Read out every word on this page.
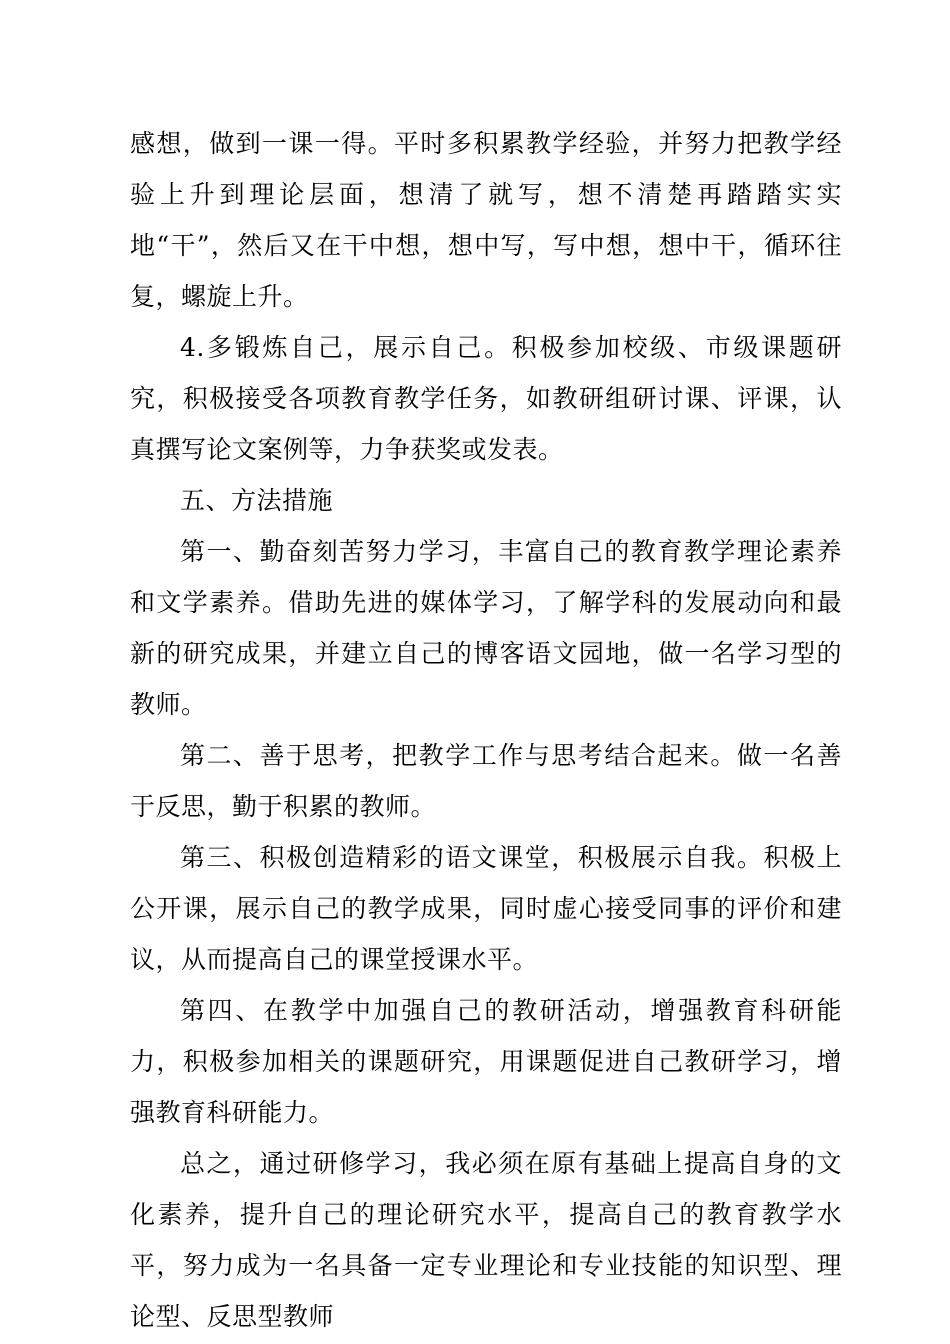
感想，做到一课一得。平时多积累教学经验，并努力把教学经验上升到理论层面，想清了就写，想不清楚再踏踏实实地“干”，然后又在干中想，想中写，写中想，想中干，循环往复，螺旋上升。

4.多锻炼自己，展示自己。积极参加校级、市级课题研究，积极接受各项教育教学任务，如教研组研讨课、评课，认真撰写论文案例等，力争获奖或发表。

五、方法措施

第一、勤奋刻苦努力学习，丰富自己的教育教学理论素养和文学素养。借助先进的媒体学习，了解学科的发展动向和最新的研究成果，并建立自己的博客语文园地，做一名学习型的教师。

第二、善于思考，把教学工作与思考结合起来。做一名善于反思，勤于积累的教师。

第三、积极创造精彩的语文课堂，积极展示自我。积极上公开课，展示自己的教学成果，同时虚心接受同事的评价和建议，从而提高自己的课堂授课水平。

第四、在教学中加强自己的教研活动，增强教育科研能力，积极参加相关的课题研究，用课题促进自己教研学习，增强教育科研能力。

总之，通过研修学习，我必须在原有基础上提高自身的文化素养，提升自己的理论研究水平，提高自己的教育教学水平，努力成为一名具备一定专业理论和专业技能的知识型、理论型、反思型教师
